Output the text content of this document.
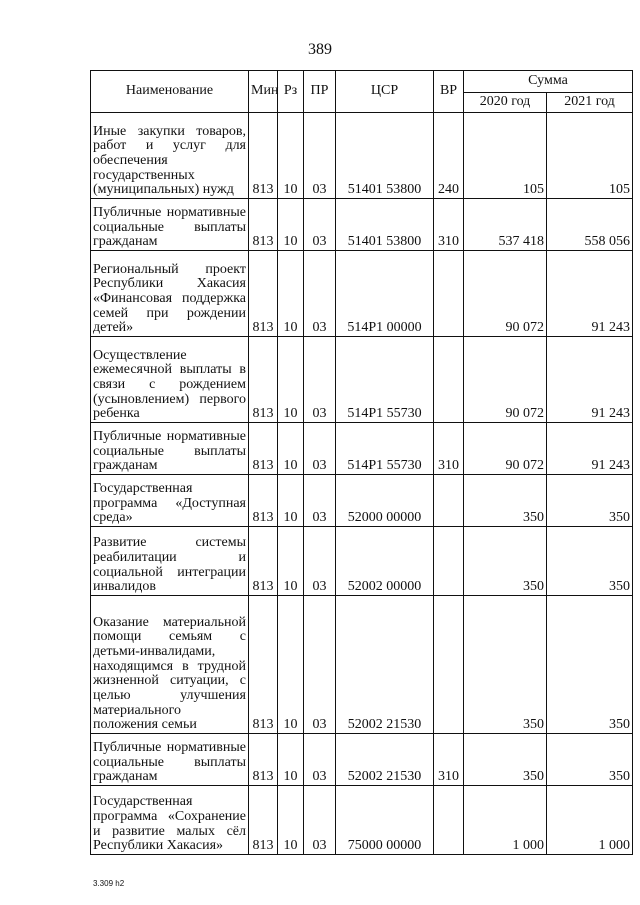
389
Наименование	Мин	Рз	ПР	ЦСР	ВР	Сумма	
						2020 год	2021 год
Иные закупки товаров, работ и услуг для обеспечения государственных (муниципальных) нужд	813	10	03	51401 53800	240	105	105
Публичные нормативные социальные выплаты гражданам	813	10	03	51401 53800	310	537 418	558 056
Региональный проект Республики Хакасия «Финансовая поддержка семей при рождении детей»	813	10	03	514Р1 00000		90 072	91 243
Осуществление ежемесячной выплаты в связи с рождением (усыновлением) первого ребенка	813	10	03	514Р1 55730		90 072	91 243
Публичные нормативные социальные выплаты гражданам	813	10	03	514Р1 55730	310	90 072	91 243
Государственная программа «Доступная среда»	813	10	03	52000 00000		350	350
Развитие системы реабилитации и социальной интеграции инвалидов	813	10	03	52002 00000		350	350
Оказание материальной помощи семьям с детьми-инвалидами, находящимся в трудной жизненной ситуации, с целью улучшения материального положения семьи	813	10	03	52002 21530		350	350
Публичные нормативные социальные выплаты гражданам	813	10	03	52002 21530	310	350	350
Государственная программа «Сохранение и развитие малых сёл Республики Хакасия»	813	10	03	75000 00000		1 000	1 000
3.309 h2
